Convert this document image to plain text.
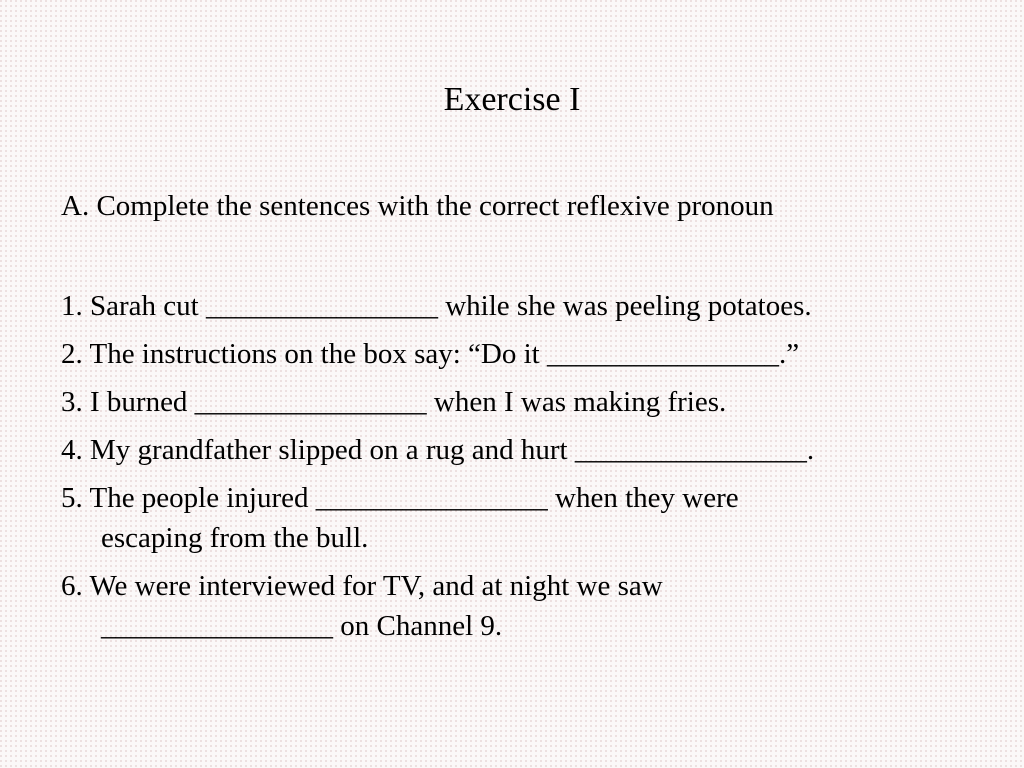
Exercise I

A. Complete the sentences with the correct reflexive pronoun

1. Sarah cut ________________ while she was peeling potatoes.
2. The instructions on the box say: “Do it ________________.”
3. I burned ________________ when I was making fries.
4. My grandfather slipped on a rug and hurt ________________.
5. The people injured ________________ when they were
escaping from the bull.
6. We were interviewed for TV, and at night we saw
________________ on Channel 9.
